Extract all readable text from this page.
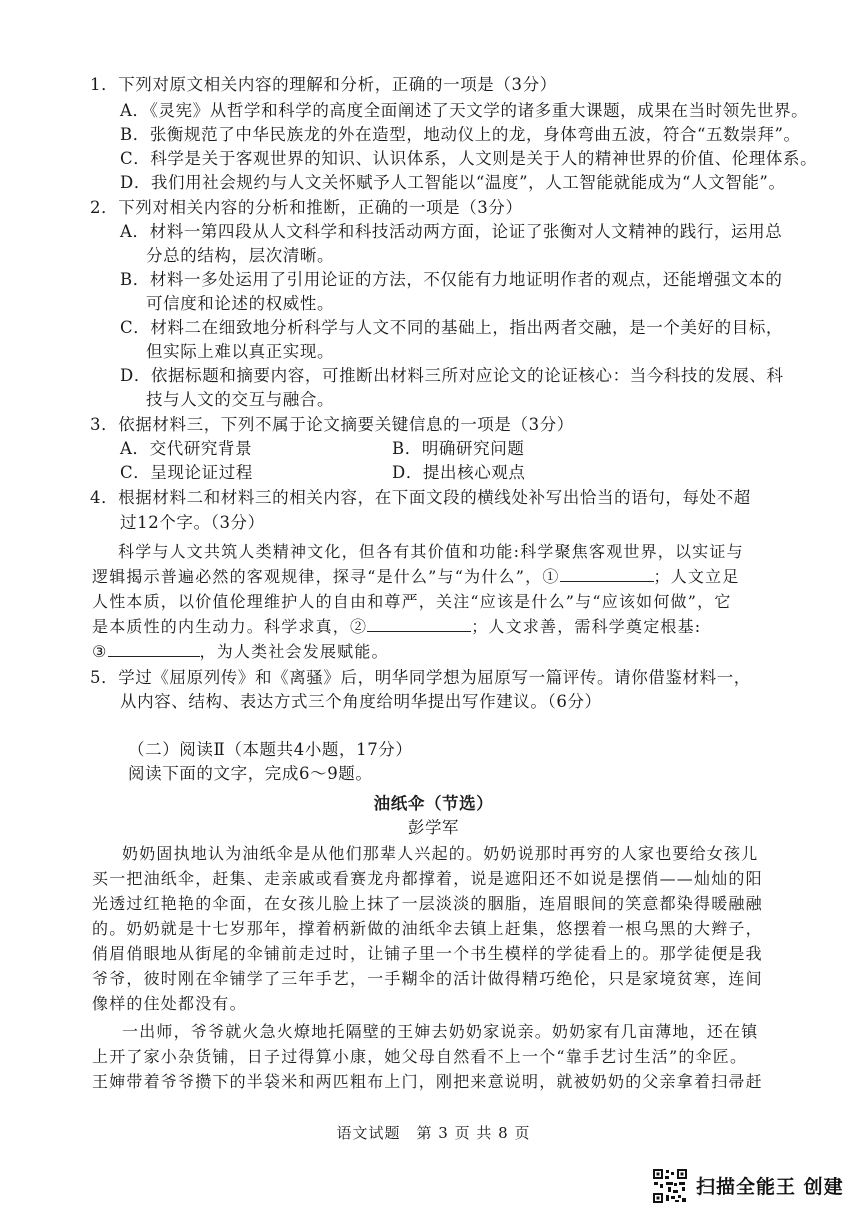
1．下列对原文相关内容的理解和分析，正确的一项是（3分）
A．《灵宪》从哲学和科学的高度全面阐述了天文学的诸多重大课题，成果在当时领先世界。
B．张衡规范了中华民族龙的外在造型，地动仪上的龙，身体弯曲五波，符合“五数崇拜”。
C．科学是关于客观世界的知识、认识体系，人文则是关于人的精神世界的价值、伦理体系。
D．我们用社会规约与人文关怀赋予人工智能以“温度”，人工智能就能成为“人文智能”。
2．下列对相关内容的分析和推断，正确的一项是（3分）
A．材料一第四段从人文科学和科技活动两方面，论证了张衡对人文精神的践行，运用总
分总的结构，层次清晰。
B．材料一多处运用了引用论证的方法，不仅能有力地证明作者的观点，还能增强文本的
可信度和论述的权威性。
C．材料二在细致地分析科学与人文不同的基础上，指出两者交融，是一个美好的目标，
但实际上难以真正实现。
D．依据标题和摘要内容，可推断出材料三所对应论文的论证核心：当今科技的发展、科
技与人文的交互与融合。
3．依据材料三，下列不属于论文摘要关键信息的一项是（3分）
A．交代研究背景	B．明确研究问题
C．呈现论证过程	D．提出核心观点
4．根据材料二和材料三的相关内容，在下面文段的横线处补写出恰当的语句，每处不超
过12个字。（3分）
科学与人文共筑人类精神文化，但各有其价值和功能:科学聚焦客观世界，以实证与
逻辑揭示普遍必然的客观规律，探寻“是什么”与“为什么”，①	；人文立足
人性本质，以价值伦理维护人的自由和尊严，关注“应该是什么”与“应该如何做”，它
是本质性的内生动力。科学求真，②	；人文求善，需科学奠定根基:
③	，为人类社会发展赋能。
5．学过《屈原列传》和《离骚》后，明华同学想为屈原写一篇评传。请你借鉴材料一，
从内容、结构、表达方式三个角度给明华提出写作建议。（6分）
（二）阅读Ⅱ（本题共4小题，17分）
阅读下面的文字，完成6～9题。
油纸伞（节选）
彭学军
奶奶固执地认为油纸伞是从他们那辈人兴起的。奶奶说那时再穷的人家也要给女孩儿
买一把油纸伞，赶集、走亲戚或看赛龙舟都撑着，说是遮阳还不如说是摆俏——灿灿的阳
光透过红艳艳的伞面，在女孩儿脸上抹了一层淡淡的胭脂，连眉眼间的笑意都染得暖融融
的。奶奶就是十七岁那年，撑着柄新做的油纸伞去镇上赶集，悠摆着一根乌黑的大辫子，
俏眉俏眼地从街尾的伞铺前走过时，让铺子里一个书生模样的学徒看上的。那学徒便是我
爷爷，彼时刚在伞铺学了三年手艺，一手糊伞的活计做得精巧绝伦，只是家境贫寒，连间
像样的住处都没有。
一出师，爷爷就火急火燎地托隔壁的王婶去奶奶家说亲。奶奶家有几亩薄地，还在镇
上开了家小杂货铺，日子过得算小康，她父母自然看不上一个“靠手艺讨生活”的伞匠。
王婶带着爷爷攒下的半袋米和两匹粗布上门，刚把来意说明，就被奶奶的父亲拿着扫帚赶
语文试题　第 3 页 共 8 页
扫描全能王 创建
